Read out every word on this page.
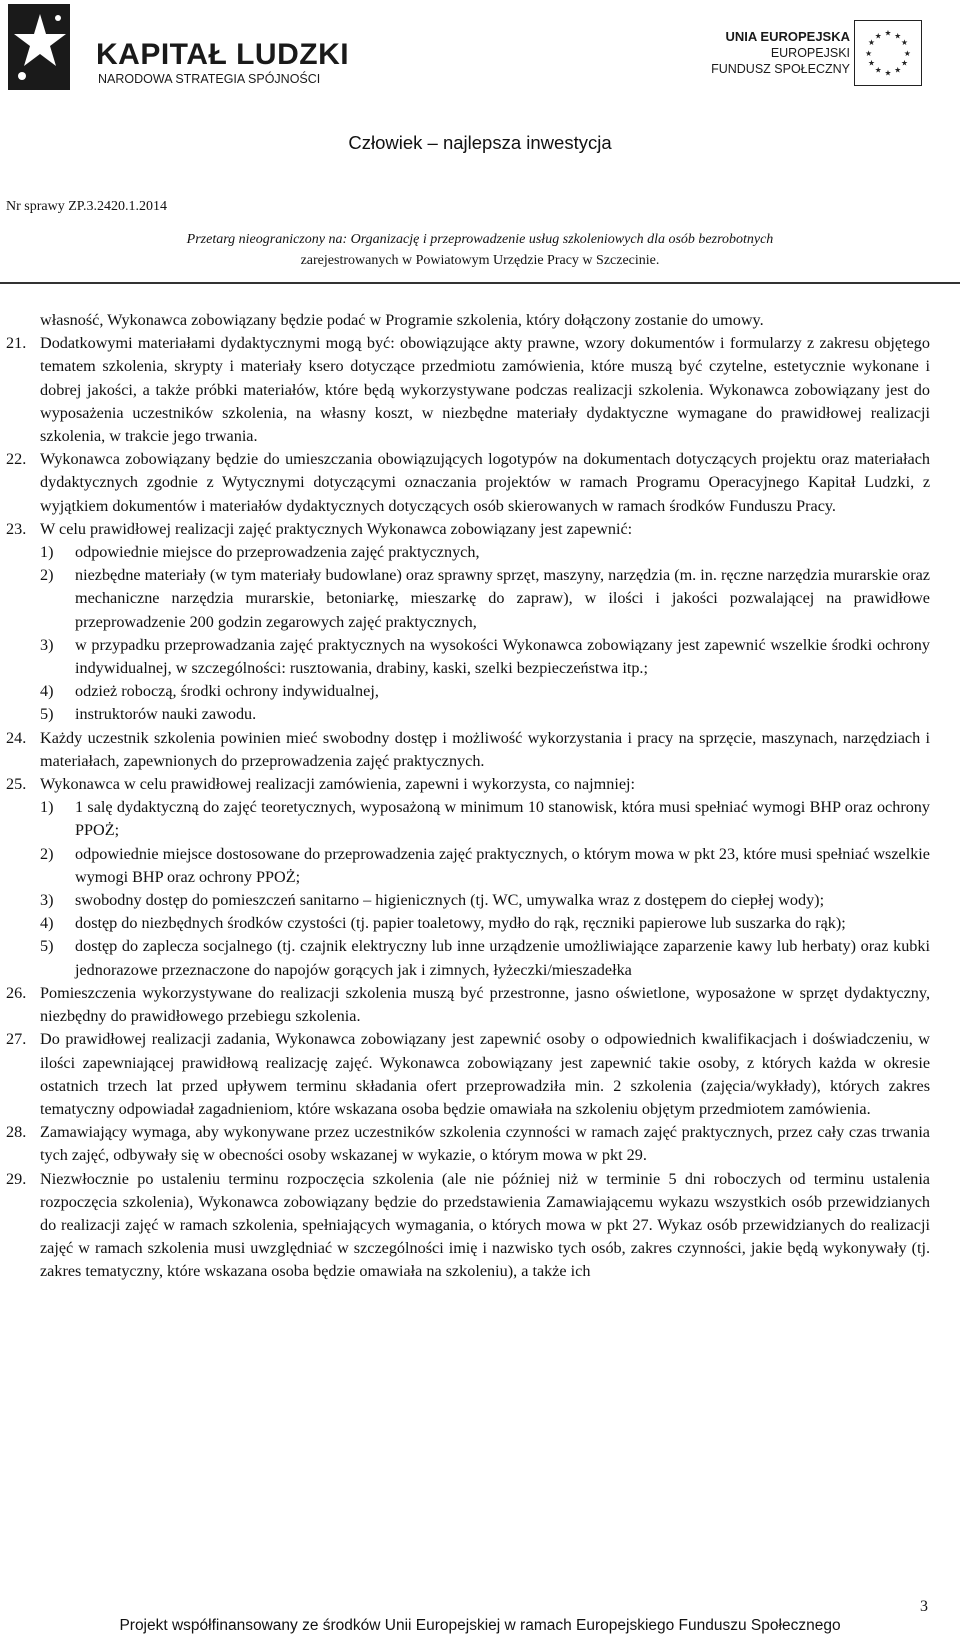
KAPITAŁ LUDZKI
NARODOWA STRATEGIA SPÓJNOŚCI
UNIA EUROPEJSKA
EUROPEJSKI
FUNDUSZ SPOŁECZNY
★ ★
★
★
★
★
★
★
★
★
★
★
Człowiek – najlepsza inwestycja
Nr sprawy ZP.3.2420.1.2014
Przetarg nieograniczony na: Organizację i przeprowadzenie usług szkoleniowych dla osób bezrobotnych
zarejestrowanych w Powiatowym Urzędzie Pracy w Szczecinie.

własność, Wykonawca zobowiązany będzie podać w Programie szkolenia, który dołączony zostanie do umowy.

21. Dodatkowymi materiałami dydaktycznymi mogą być: obowiązujące akty prawne, wzory dokumentów i formularzy z zakresu objętego tematem szkolenia, skrypty i materiały ksero dotyczące przedmiotu zamówienia, które muszą być czytelne, estetycznie wykonane i dobrej jakości, a także próbki materiałów, które będą wykorzystywane podczas realizacji szkolenia. Wykonawca zobowiązany jest do wyposażenia uczestników szkolenia, na własny koszt, w niezbędne materiały dydaktyczne wymagane do prawidłowej realizacji szkolenia, w trakcie jego trwania.

22. Wykonawca zobowiązany będzie do umieszczania obowiązujących logotypów na dokumentach dotyczących projektu oraz materiałach dydaktycznych zgodnie z Wytycznymi dotyczącymi oznaczania projektów w ramach Programu Operacyjnego Kapitał Ludzki, z wyjątkiem dokumentów i materiałów dydaktycznych dotyczących osób skierowanych w ramach środków Funduszu Pracy.

23. W celu prawidłowej realizacji zajęć praktycznych Wykonawca zobowiązany jest zapewnić:

1) odpowiednie miejsce do przeprowadzenia zajęć praktycznych,

2) niezbędne materiały (w tym materiały budowlane) oraz sprawny sprzęt, maszyny, narzędzia (m. in. ręczne narzędzia murarskie oraz mechaniczne narzędzia murarskie, betoniarkę, mieszarkę do zapraw), w ilości i jakości pozwalającej na prawidłowe przeprowadzenie 200 godzin zegarowych zajęć praktycznych,

3) w przypadku przeprowadzania zajęć praktycznych na wysokości Wykonawca zobowiązany jest zapewnić wszelkie środki ochrony indywidualnej, w szczególności: rusztowania, drabiny, kaski, szelki bezpieczeństwa itp.;

4) odzież roboczą, środki ochrony indywidualnej,

5) instruktorów nauki zawodu.

24. Każdy uczestnik szkolenia powinien mieć swobodny dostęp i możliwość wykorzystania i pracy na sprzęcie, maszynach, narzędziach i materiałach, zapewnionych do przeprowadzenia zajęć praktycznych.

25. Wykonawca w celu prawidłowej realizacji zamówienia, zapewni i wykorzysta, co najmniej:

1) 1 salę dydaktyczną do zajęć teoretycznych, wyposażoną w minimum 10 stanowisk, która musi spełniać wymogi BHP oraz ochrony PPOŻ;

2) odpowiednie miejsce dostosowane do przeprowadzenia zajęć praktycznych, o którym mowa w pkt 23, które musi spełniać wszelkie wymogi BHP oraz ochrony PPOŻ;

3) swobodny dostęp do pomieszczeń sanitarno – higienicznych (tj. WC, umywalka wraz z dostępem do ciepłej wody);

4) dostęp do niezbędnych środków czystości (tj. papier toaletowy, mydło do rąk, ręczniki papierowe lub suszarka do rąk);

5) dostęp do zaplecza socjalnego (tj. czajnik elektryczny lub inne urządzenie umożliwiające zaparzenie kawy lub herbaty) oraz kubki jednorazowe przeznaczone do napojów gorących jak i zimnych, łyżeczki/mieszadełka

26. Pomieszczenia wykorzystywane do realizacji szkolenia muszą być przestronne, jasno oświetlone, wyposażone w sprzęt dydaktyczny, niezbędny do prawidłowego przebiegu szkolenia.

27. Do prawidłowej realizacji zadania, Wykonawca zobowiązany jest zapewnić osoby o odpowiednich kwalifikacjach i doświadczeniu, w ilości zapewniającej prawidłową realizację zajęć. Wykonawca zobowiązany jest zapewnić takie osoby, z których każda w okresie ostatnich trzech lat przed upływem terminu składania ofert przeprowadziła min. 2 szkolenia (zajęcia/wykłady), których zakres tematyczny odpowiadał zagadnieniom, które wskazana osoba będzie omawiała na szkoleniu objętym przedmiotem zamówienia.

28. Zamawiający wymaga, aby wykonywane przez uczestników szkolenia czynności w ramach zajęć praktycznych, przez cały czas trwania tych zajęć, odbywały się w obecności osoby wskazanej w wykazie, o którym mowa w pkt 29.

29. Niezwłocznie po ustaleniu terminu rozpoczęcia szkolenia (ale nie później niż w terminie 5 dni roboczych od terminu ustalenia rozpoczęcia szkolenia), Wykonawca zobowiązany będzie do przedstawienia Zamawiającemu wykazu wszystkich osób przewidzianych do realizacji zajęć w ramach szkolenia, spełniających wymagania, o których mowa w pkt 27. Wykaz osób przewidzianych do realizacji zajęć w ramach szkolenia musi uwzględniać w szczególności imię i nazwisko tych osób, zakres czynności, jakie będą wykonywały (tj. zakres tematyczny, które wskazana osoba będzie omawiała na szkoleniu), a także ich

3
Projekt współfinansowany ze środków Unii Europejskiej w ramach Europejskiego Funduszu Społecznego
